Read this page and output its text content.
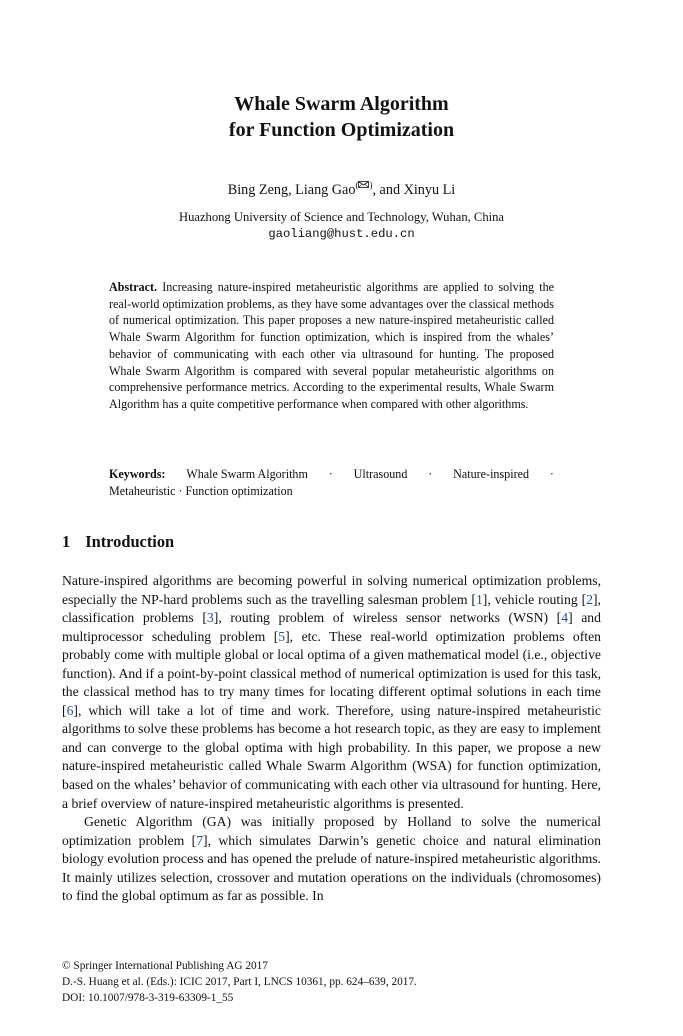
Whale Swarm Algorithm
for Function Optimization
Bing Zeng, Liang Gao( ), and Xinyu Li
Huazhong University of Science and Technology, Wuhan, China
gaoliang@hust.edu.cn
Abstract. Increasing nature-inspired metaheuristic algorithms are applied to solving the real-world optimization problems, as they have some advantages over the classical methods of numerical optimization. This paper proposes a new nature-inspired metaheuristic called Whale Swarm Algorithm for function optimization, which is inspired from the whales’ behavior of communicating with each other via ultrasound for hunting. The proposed Whale Swarm Algorithm is compared with several popular metaheuristic algorithms on comprehensive performance metrics. According to the experimental results, Whale Swarm Algorithm has a quite competitive performance when compared with other algorithms.
Keywords: Whale Swarm Algorithm · Ultrasound · Nature-inspired ·
Metaheuristic · Function optimization
1 Introduction

Nature-inspired algorithms are becoming powerful in solving numerical optimization problems, especially the NP-hard problems such as the travelling salesman problem [1], vehicle routing [2], classification problems [3], routing problem of wireless sensor networks (WSN) [4] and multiprocessor scheduling problem [5], etc. These real-world optimization problems often probably come with multiple global or local optima of a given mathematical model (i.e., objective function). And if a point-by-point classical method of numerical optimization is used for this task, the classical method has to try many times for locating different optimal solutions in each time [6], which will take a lot of time and work. Therefore, using nature-inspired metaheuristic algorithms to solve these problems has become a hot research topic, as they are easy to implement and can converge to the global optima with high probability. In this paper, we propose a new nature-inspired metaheuristic called Whale Swarm Algorithm (WSA) for function optimization, based on the whales’ behavior of communicating with each other via ultrasound for hunting. Here, a brief overview of nature-inspired metaheuristic algorithms is presented.

Genetic Algorithm (GA) was initially proposed by Holland to solve the numerical optimization problem [7], which simulates Darwin’s genetic choice and natural elimination biology evolution process and has opened the prelude of nature-inspired metaheuristic algorithms. It mainly utilizes selection, crossover and mutation operations on the individuals (chromosomes) to find the global optimum as far as possible. In

© Springer International Publishing AG 2017
D.-S. Huang et al. (Eds.): ICIC 2017, Part I, LNCS 10361, pp. 624–639, 2017.
DOI: 10.1007/978-3-319-63309-1_55
